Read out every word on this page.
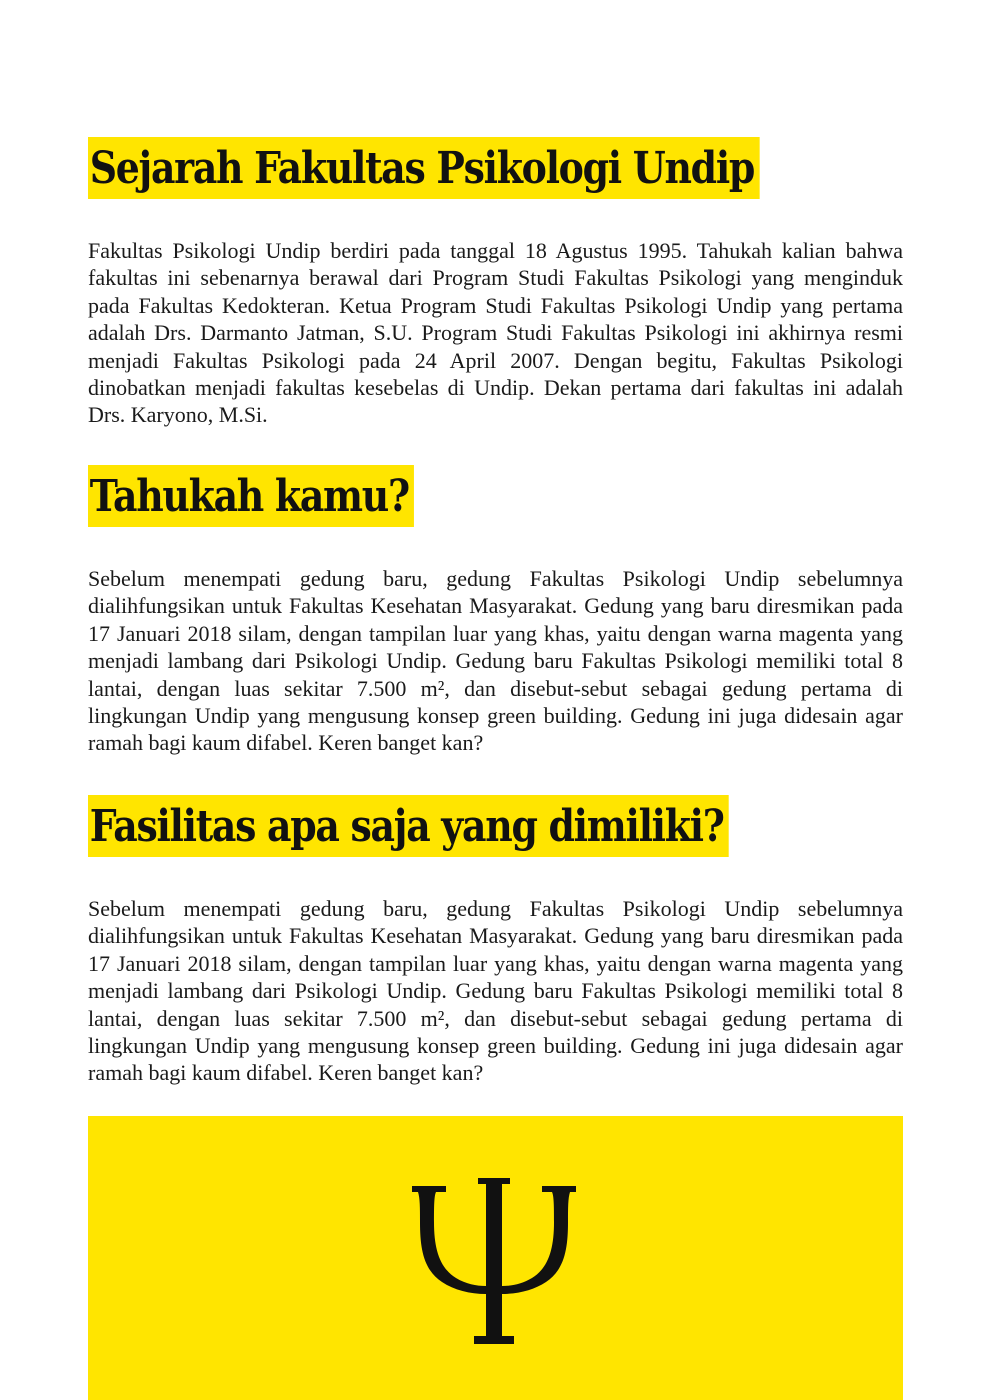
Sejarah Fakultas Psikologi Undip

Fakultas Psikologi Undip berdiri pada tanggal 18 Agustus 1995. Tahukah kalian bahwa fakultas ini sebenarnya berawal dari Program Studi Fakultas Psikologi yang menginduk pada Fakultas Kedokteran. Ketua Program Studi Fakultas Psikologi Undip yang pertama adalah Drs. Darmanto Jatman, S.U. Program Studi Fakultas Psikologi ini akhirnya resmi menjadi Fakultas Psikologi pada 24 April 2007. Dengan begitu, Fakultas Psikologi dinobatkan menjadi fakultas kesebelas di Undip. Dekan pertama dari fakultas ini adalah Drs. Karyono, M.Si.

Tahukah kamu?

Sebelum menempati gedung baru, gedung Fakultas Psikologi Undip sebelumnya dialihfungsikan untuk Fakultas Kesehatan Masyarakat. Gedung yang baru diresmikan pada 17 Januari 2018 silam, dengan tampilan luar yang khas, yaitu dengan warna magenta yang menjadi lambang dari Psikologi Undip. Gedung baru Fakultas Psikologi memiliki total 8 lantai, dengan luas sekitar 7.500 m², dan disebut-sebut sebagai gedung pertama di lingkungan Undip yang mengusung konsep green building. Gedung ini juga didesain agar ramah bagi kaum difabel. Keren banget kan?

Fasilitas apa saja yang dimiliki?

Sebelum menempati gedung baru, gedung Fakultas Psikologi Undip sebelumnya dialihfungsikan untuk Fakultas Kesehatan Masyarakat. Gedung yang baru diresmikan pada 17 Januari 2018 silam, dengan tampilan luar yang khas, yaitu dengan warna magenta yang menjadi lambang dari Psikologi Undip. Gedung baru Fakultas Psikologi memiliki total 8 lantai, dengan luas sekitar 7.500 m², dan disebut-sebut sebagai gedung pertama di lingkungan Undip yang mengusung konsep green building. Gedung ini juga didesain agar ramah bagi kaum difabel. Keren banget kan?
